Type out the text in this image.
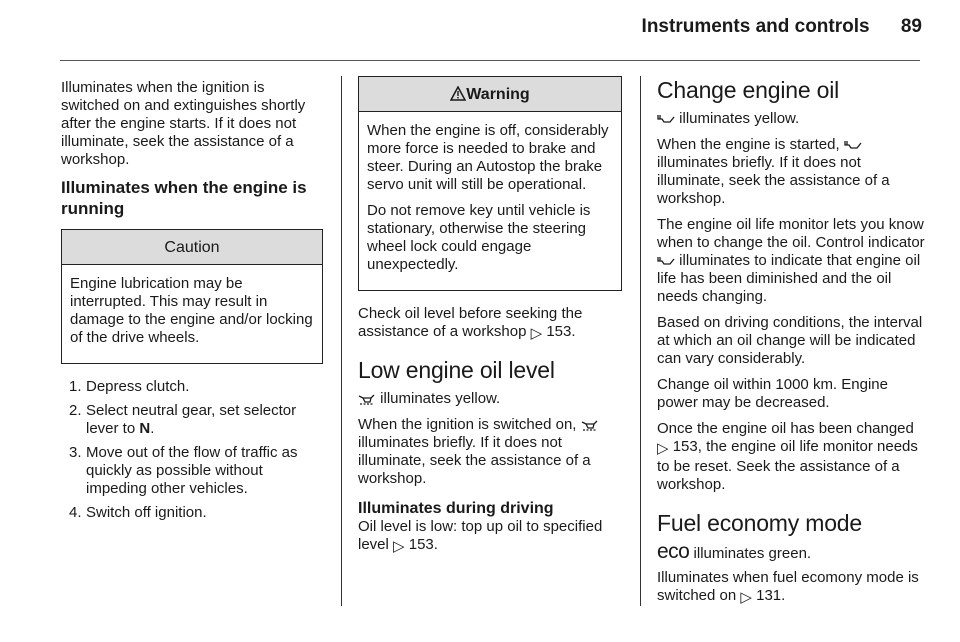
Instruments and controls 89

Illuminates when the ignition is switched on and extinguishes shortly after the engine starts. If it does not illuminate, seek the assistance of a workshop.

Illuminates when the engine is running
Caution

Engine lubrication may be interrupted. This may result in damage to the engine and/or locking of the drive wheels.

1. Depress clutch.
2. Select neutral gear, set selector lever to N.
3. Move out of the flow of traffic as quickly as possible without impeding other vehicles.
4. Switch off ignition.
Warning

When the engine is off, considerably more force is needed to brake and steer. During an Autostop the brake servo unit will still be operational.

Do not remove key until vehicle is stationary, otherwise the steering wheel lock could engage unexpectedly.

Check oil level before seeking the assistance of a workshop ▷ 153.

Low engine oil level

illuminates yellow.

When the ignition is switched on,  illuminates briefly. If it does not illuminate, seek the assistance of a workshop.

Illuminates during driving

Oil level is low: top up oil to specified level ▷ 153.

Change engine oil

illuminates yellow.

When the engine is started,  illuminates briefly. If it does not illuminate, seek the assistance of a workshop.

The engine oil life monitor lets you know when to change the oil. Control indicator  illuminates to indicate that engine oil life has been diminished and the oil needs changing.

Based on driving conditions, the interval at which an oil change will be indicated can vary considerably.

Change oil within 1000 km. Engine power may be decreased.

Once the engine oil has been changed ▷ 153, the engine oil life monitor needs to be reset. Seek the assistance of a workshop.

Fuel economy mode

eco illuminates green.

Illuminates when fuel ecomony mode is switched on ▷ 131.
